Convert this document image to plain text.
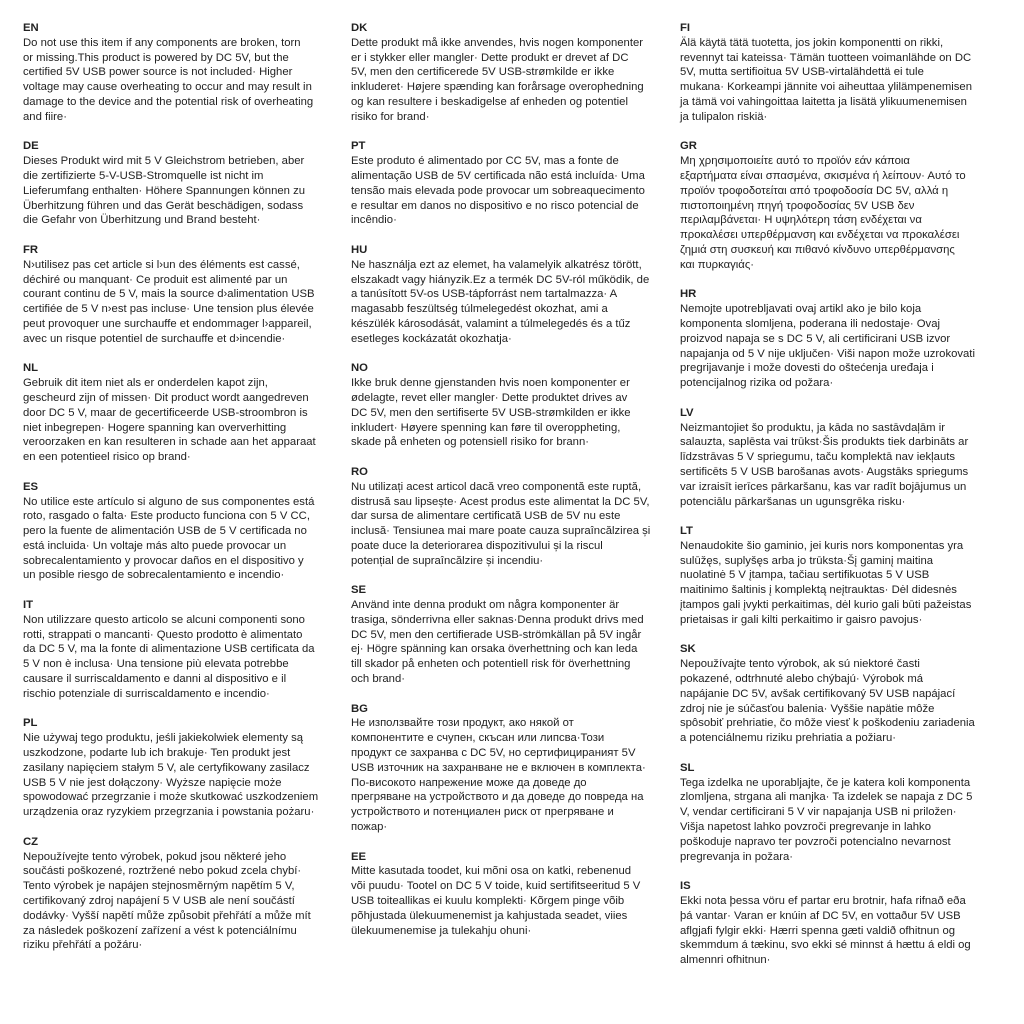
EN
Do not use this item if any components are broken, torn
or missing.This product is powered by DC 5V, but the
certified 5V USB power source is not included· Higher
voltage may cause overheating to occur and may result in
damage to the device and the potential risk of overheating
and fiire·
DE
Dieses Produkt wird mit 5 V Gleichstrom betrieben, aber
die zertifizierte 5-V-USB-Stromquelle ist nicht im
Lieferumfang enthalten· Höhere Spannungen können zu
Überhitzung führen und das Gerät beschädigen, sodass
die Gefahr von Überhitzung und Brand besteht·
FR
N›utilisez pas cet article si l›un des éléments est cassé,
déchiré ou manquant· Ce produit est alimenté par un
courant continu de 5 V, mais la source d›alimentation USB
certifiée de 5 V n›est pas incluse· Une tension plus élevée
peut provoquer une surchauffe et endommager l›appareil,
avec un risque potentiel de surchauffe et d›incendie·
NL
Gebruik dit item niet als er onderdelen kapot zijn,
gescheurd zijn of missen· Dit product wordt aangedreven
door DC 5 V, maar de gecertificeerde USB-stroombron is
niet inbegrepen· Hogere spanning kan oververhitting
veroorzaken en kan resulteren in schade aan het apparaat
en een potentieel risico op brand·
ES
No utilice este artículo si alguno de sus componentes está
roto, rasgado o falta· Este producto funciona con 5 V CC,
pero la fuente de alimentación USB de 5 V certificada no
está incluida· Un voltaje más alto puede provocar un
sobrecalentamiento y provocar daños en el dispositivo y
un posible riesgo de sobrecalentamiento e incendio·
IT
Non utilizzare questo articolo se alcuni componenti sono
rotti, strappati o mancanti· Questo prodotto è alimentato
da DC 5 V, ma la fonte di alimentazione USB certificata da
5 V non è inclusa· Una tensione più elevata potrebbe
causare il surriscaldamento e danni al dispositivo e il
rischio potenziale di surriscaldamento e incendio·
PL
Nie używaj tego produktu, jeśli jakiekolwiek elementy są
uszkodzone, podarte lub ich brakuje· Ten produkt jest
zasilany napięciem stałym 5 V, ale certyfikowany zasilacz
USB 5 V nie jest dołączony· Wyższe napięcie może
spowodować przegrzanie i może skutkować uszkodzeniem
urządzenia oraz ryzykiem przegrzania i powstania pożaru·
CZ
Nepoužívejte tento výrobek, pokud jsou některé jeho
součásti poškozené, roztržené nebo pokud zcela chybí·
Tento výrobek je napájen stejnosměrným napětím 5 V,
certifikovaný zdroj napájení 5 V USB ale není součástí
dodávky· Vyšší napětí může způsobit přehřátí a může mít
za následek poškození zařízení a vést k potenciálnímu
riziku přehřátí a požáru·
DK
Dette produkt må ikke anvendes, hvis nogen komponenter
er i stykker eller mangler· Dette produkt er drevet af DC
5V, men den certificerede 5V USB-strømkilde er ikke
inkluderet· Højere spænding kan forårsage overophedning
og kan resultere i beskadigelse af enheden og potentiel
risiko for brand·
PT
Este produto é alimentado por CC 5V, mas a fonte de
alimentação USB de 5V certificada não está incluída· Uma
tensão mais elevada pode provocar um sobreaquecimento
e resultar em danos no dispositivo e no risco potencial de
incêndio·
HU
Ne használja ezt az elemet, ha valamelyik alkatrész törött,
elszakadt vagy hiányzik.Ez a termék DC 5V-ról működik, de
a tanúsított 5V-os USB-tápforrást nem tartalmazza· A
magasabb feszültség túlmelegedést okozhat, ami a
készülék károsodását, valamint a túlmelegedés és a tűz
esetleges kockázatát okozhatja·
NO
Ikke bruk denne gjenstanden hvis noen komponenter er
ødelagte, revet eller mangler· Dette produktet drives av
DC 5V, men den sertifiserte 5V USB-strømkilden er ikke
inkludert· Høyere spenning kan føre til overoppheting,
skade på enheten og potensiell risiko for brann·
RO
Nu utilizați acest articol dacă vreo componentă este ruptă,
distrusă sau lipsește· Acest produs este alimentat la DC 5V,
dar sursa de alimentare certificată USB de 5V nu este
inclusă· Tensiunea mai mare poate cauza supraîncălzirea și
poate duce la deteriorarea dispozitivului și la riscul
potențial de supraîncălzire și incendiu·
SE
Använd inte denna produkt om några komponenter är
trasiga, sönderrivna eller saknas·Denna produkt drivs med
DC 5V, men den certifierade USB-strömkällan på 5V ingår
ej· Högre spänning kan orsaka överhettning och kan leda
till skador på enheten och potentiell risk för överhettning
och brand·
BG
Не използвайте този продукт, ако някой от
компонентите е счупен, скъсан или липсва·Този
продукт се захранва с DC 5V, но сертифицираният 5V
USB източник на захранване не е включен в комплекта·
По-високото напрежение може да доведе до
прегряване на устройството и да доведе до повреда на
устройството и потенциален риск от прегряване и
пожар·
EE
Mitte kasutada toodet, kui mõni osa on katki, rebenenud
või puudu· Tootel on DC 5 V toide, kuid sertifitseeritud 5 V
USB toiteallikas ei kuulu komplekti· Kõrgem pinge võib
põhjustada ülekuumenemist ja kahjustada seadet, viies
ülekuumenemise ja tulekahju ohuni·
FI
Älä käytä tätä tuotetta, jos jokin komponentti on rikki,
revennyt tai kateissa· Tämän tuotteen voimanlähde on DC
5V, mutta sertifioitua 5V USB-virtalähdettä ei tule
mukana· Korkeampi jännite voi aiheuttaa ylilämpenemisen
ja tämä voi vahingoittaa laitetta ja lisätä ylikuumenemisen
ja tulipalon riskiä·
GR
Μη χρησιμοποιείτε αυτό το προϊόν εάν κάποια
εξαρτήματα είναι σπασμένα, σκισμένα ή λείπουν· Αυτό το
προϊόν τροφοδοτείται από τροφοδοσία DC 5V, αλλά η
πιστοποιημένη πηγή τροφοδοσίας 5V USB δεν
περιλαμβάνεται· Η υψηλότερη τάση ενδέχεται να
προκαλέσει υπερθέρμανση και ενδέχεται να προκαλέσει
ζημιά στη συσκευή και πιθανό κίνδυνο υπερθέρμανσης
και πυρκαγιάς·
HR
Nemojte upotrebljavati ovaj artikl ako je bilo koja
komponenta slomljena, poderana ili nedostaje· Ovaj
proizvod napaja se s DC 5 V, ali certificirani USB izvor
napajanja od 5 V nije uključen· Viši napon može uzrokovati
pregrijavanje i može dovesti do oštećenja uređaja i
potencijalnog rizika od požara·
LV
Neizmantojiet šo produktu, ja kāda no sastāvdaļām ir
salauzta, saplēsta vai trūkst·Šis produkts tiek darbināts ar
līdzstrāvas 5 V spriegumu, taču komplektā nav iekļauts
sertificēts 5 V USB barošanas avots· Augstāks spriegums
var izraisīt ierīces pārkaršanu, kas var radīt bojājumus un
potenciālu pārkaršanas un ugunsgrēka risku·
LT
Nenaudokite šio gaminio, jei kuris nors komponentas yra
sulūžęs, suplyšęs arba jo trūksta·Šį gaminį maitina
nuolatinė 5 V įtampa, tačiau sertifikuotas 5 V USB
maitinimo šaltinis į komplektą neįtrauktas· Dėl didesnės
įtampos gali įvykti perkaitimas, dėl kurio gali būti pažeistas
prietaisas ir gali kilti perkaitimo ir gaisro pavojus·
SK
Nepoužívajte tento výrobok, ak sú niektoré časti
pokazené, odtrhnuté alebo chýbajú· Výrobok má
napájanie DC 5V, avšak certifikovaný 5V USB napájací
zdroj nie je súčasťou balenia· Vyššie napätie môže
spôsobiť prehriatie, čo môže viesť k poškodeniu zariadenia
a potenciálnemu riziku prehriatia a požiaru·
SL
Tega izdelka ne uporabljajte, če je katera koli komponenta
zlomljena, strgana ali manjka· Ta izdelek se napaja z DC 5
V, vendar certificirani 5 V vir napajanja USB ni priložen·
Višja napetost lahko povzroči pregrevanje in lahko
poškoduje napravo ter povzroči potencialno nevarnost
pregrevanja in požara·
IS
Ekki nota þessa vöru ef partar eru brotnir, hafa rifnað eða
þá vantar· Varan er knúin af DC 5V, en vottaður 5V USB
aflgjafi fylgir ekki· Hærri spenna gæti valdið ofhitnun og
skemmdum á tækinu, svo ekki sé minnst á hættu á eldi og
almennri ofhitnun·
